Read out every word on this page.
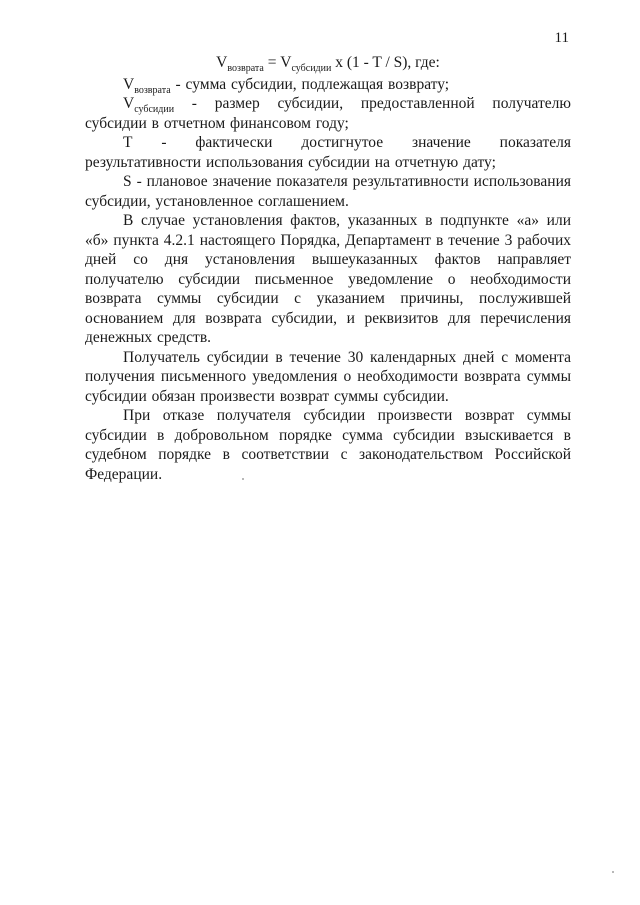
11
$V_{возврата} = V_{субсидии}$ x (1 - T / S), где:

$V_{возврата}$ - сумма субсидии, подлежащая возврату;

$V_{субсидии}$ - размер субсидии, предоставленной получателю субсидии в отчетном финансовом году;

Т - фактически достигнутое значение показателя результативности использования субсидии на отчетную дату;

S - плановое значение показателя результативности использования субсидии, установленное соглашением.

В случае установления фактов, указанных в подпункте «а» или «б» пункта 4.2.1 настоящего Порядка, Департамент в течение 3 рабочих дней со дня установления вышеуказанных фактов направляет получателю субсидии письменное уведомление о необходимости возврата суммы субсидии с указанием причины, послужившей основанием для возврата субсидии, и реквизитов для перечисления денежных средств.

Получатель субсидии в течение 30 календарных дней с момента получения письменного уведомления о необходимости возврата суммы субсидии обязан произвести возврат суммы субсидии.

При отказе получателя субсидии произвести возврат суммы субсидии в добровольном порядке сумма субсидии взыскивается в судебном порядке в соответствии с законодательством Российской Федерации.
